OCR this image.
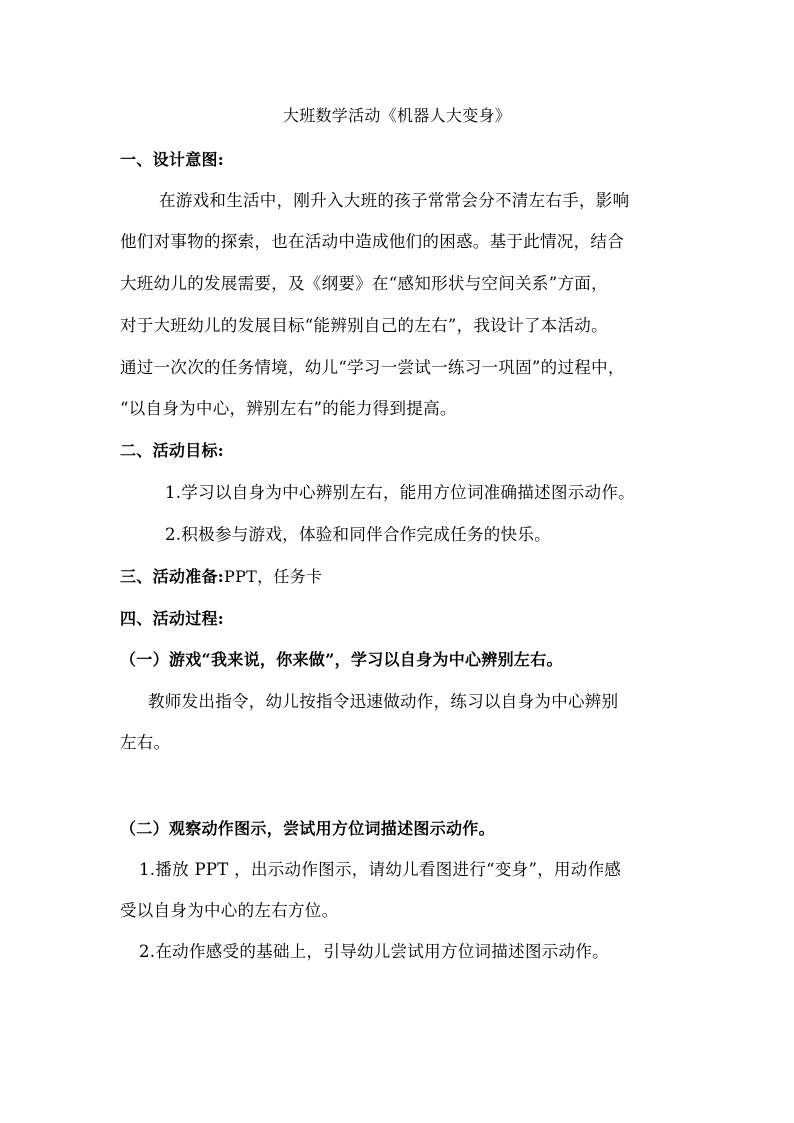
大班数学活动《机器人大变身》
一、设计意图:
在游戏和生活中，刚升入大班的孩子常常会分不清左右手，影响
他们对事物的探索，也在活动中造成他们的困惑。基于此情况，结合
大班幼儿的发展需要，及《纲要》在“感知形状与空间关系”方面，
对于大班幼儿的发展目标“能辨别自己的左右”，我设计了本活动。
通过一次次的任务情境，幼儿“学习一尝试一练习一巩固”的过程中，
“以自身为中心，辨别左右”的能力得到提高。
二、活动目标:
1.学习以自身为中心辨别左右，能用方位词准确描述图示动作。
2.积极参与游戏，体验和同伴合作完成任务的快乐。
三、活动准备:PPT，任务卡
四、活动过程:
（一）游戏“我来说，你来做”，学习以自身为中心辨别左右。
教师发出指令，幼儿按指令迅速做动作，练习以自身为中心辨别
左右。
（二）观察动作图示，尝试用方位词描述图示动作。
1.播放 PPT ，出示动作图示，请幼儿看图进行“变身”，用动作感
受以自身为中心的左右方位。
2.在动作感受的基础上，引导幼儿尝试用方位词描述图示动作。
